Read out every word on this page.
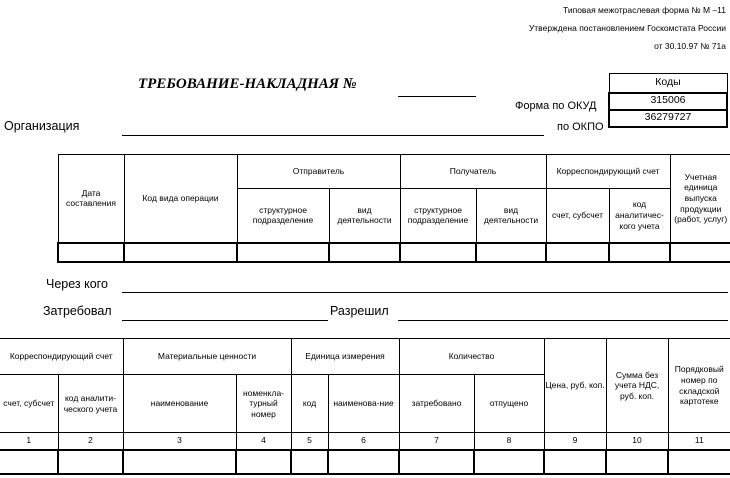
Типовая межотраслевая форма № М –11
Утверждена постановлением Госкомстата России
от 30.10.97 № 71а
ТРЕБОВАНИЕ-НАКЛАДНАЯ №	Коды
315006
36279727
Форма по ОКУД
по ОКПО
Организация
Дата составления	Код вида операции	Отправитель		Получатель		Корреспондирующий счет		Учетная единица выпуска продукции (работ, услуг)
		структурное подразделение	вид деятельности	структурное подразделение	вид деятельности	счет, субсчет	код аналитичес-кого учета	

Через кого
Затребовал	Разрешил
Корреспондирующий счет		Материальные ценности		Единица измерения		Количество		Цена, руб. коп.	Сумма без учета НДС, руб. коп.	Порядковый номер по складской картотеке
счет, субсчет	код аналити-ческого учета	наименование	номенкла-турный номер	код	наименова-ние	затребовано	отпущено			
1	2	3	4	5	6	7	8	9	10	11
